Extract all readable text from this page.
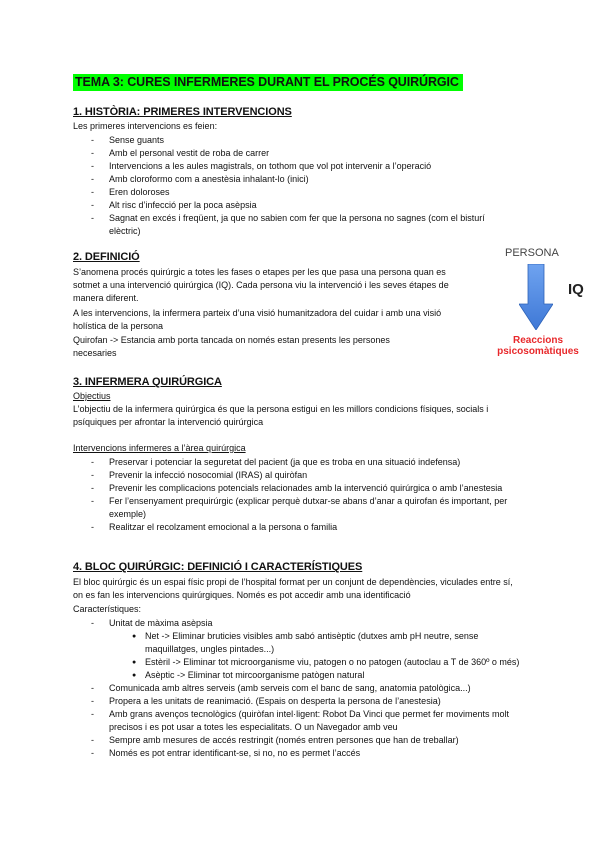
TEMA 3: CURES INFERMERES DURANT EL PROCÉS QUIRÚRGIC
1. HISTÒRIA: PRIMERES INTERVENCIONS
Les primeres intervencions es feien:
- Sense guants
- Amb el personal vestit de roba de carrer
- Intervencions a les aules magistrals, on tothom que vol pot intervenir a l’operació
- Amb cloroformo com a anestèsia inhalant-lo (inici)
- Eren doloroses
- Alt risc d’infecció per la poca asèpsia
- Sagnat en excés i freqüent, ja que no sabien com fer que la persona no sagnes (com el bisturí elèctric)
2. DEFINICIÓ
S’anomena procés quirúrgic a totes les fases o etapes per les que pasa una persona quan es sotmet a una intervenció quirúrgica (IQ). Cada persona viu la intervenció i les seves étapes de manera diferent.
A les intervencions, la infermera parteix d’una visió humanitzadora del cuidar i amb una visió holística de la persona
Quirofan -> Estancia amb porta tancada on només estan presents les persones necesaries
PERSONA
IQ
Reaccions
psicosomàtiques
3. INFERMERA QUIRÚRGICA
Objectius
L’objectiu de la infermera quirúrgica és que la persona estigui en les millors condicions físiques, socials i psíquiques per afrontar la intervenció quirúrgica
Intervencions infermeres a l’àrea quirúrgica
- Preservar i potenciar la seguretat del pacient (ja que es troba en una situació indefensa)
- Prevenir la infecció nosocomial (IRAS) al quiròfan
- Prevenir les complicacions potencials relacionades amb la intervenció quirúrgica o amb l’anestesia
- Fer l’ensenyament prequirúrgic (explicar perquè dutxar-se abans d’anar a quirofan és important, per exemple)
- Realitzar el recolzament emocional a la persona o familia
4. BLOC QUIRÚRGIC: DEFINICIÓ I CARACTERÍSTIQUES
El bloc quirúrgic és un espai físic propi de l’hospital format per un conjunt de dependències, viculades entre sí, on es fan les intervencions quirúrgiques. Només es pot accedir amb una identificació
Característiques:
- Unitat de màxima asèpsia
● Net -> Eliminar bruticies visibles amb sabó antisèptic (dutxes amb pH neutre, sense maquillatges, ungles pintades...)
● Estèril -> Eliminar tot microorganisme viu, patogen o no patogen (autoclau a T de 360º o més)
● Asèptic -> Eliminar tot mircoorganisme patògen natural
- Comunicada amb altres serveis (amb serveis com el banc de sang, anatomia patològica...)
- Propera a les unitats de reanimació. (Espais on desperta la persona de l’anestesia)
- Amb grans avenços tecnològics (quiròfan intel·ligent: Robot Da Vinci que permet fer moviments molt precisos i es pot usar a totes les especialitats. O un Navegador amb veu
- Sempre amb mesures de accés restringit (només entren persones que han de treballar)
- Només es pot entrar identificant-se, si no, no es permet l’accés
